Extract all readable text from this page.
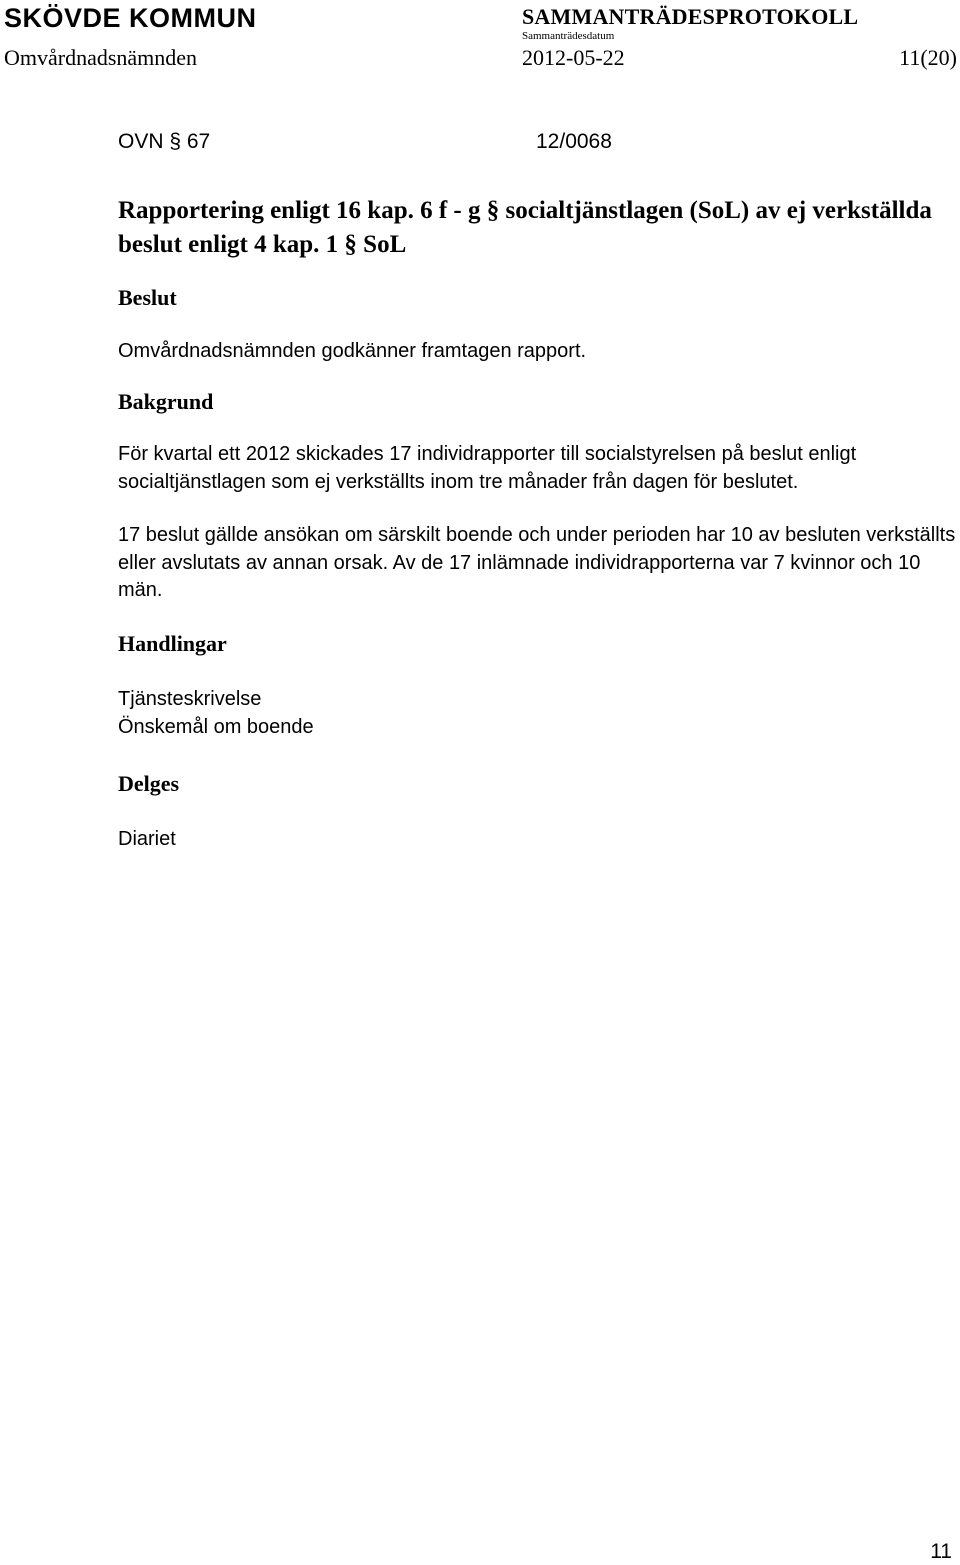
SKÖVDE KOMMUN
Omvårdnadsnämnden
SAMMANTRÄDESPROTOKOLL
Sammanträdesdatum
2012-05-22	11(20)
OVN § 67	12/0068
Rapportering enligt 16 kap. 6 f - g § socialtjänstlagen (SoL) av ej verkställda beslut enligt 4 kap. 1 § SoL
Beslut
Omvårdnadsnämnden godkänner framtagen rapport.
Bakgrund
För kvartal ett 2012 skickades 17 individrapporter till socialstyrelsen på beslut enligt socialtjänstlagen som ej verkställts inom tre månader från dagen för beslutet.
17 beslut gällde ansökan om särskilt boende och under perioden har 10 av besluten verkställts eller avslutats av annan orsak. Av de 17 inlämnade individrapporterna var 7 kvinnor och 10 män.
Handlingar
Tjänsteskrivelse
Önskemål om boende
Delges
Diariet
11
